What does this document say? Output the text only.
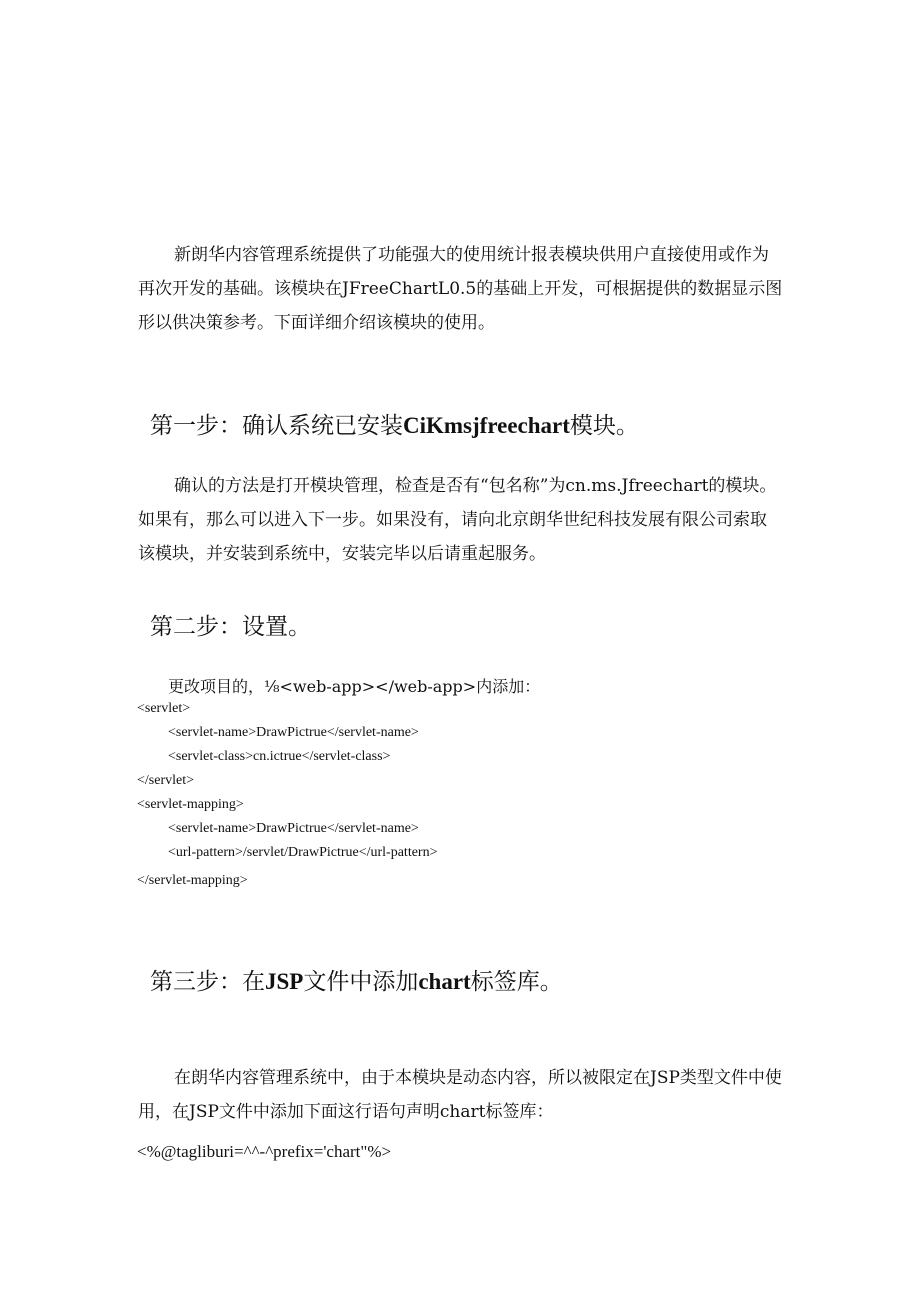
新朗华内容管理系统提供了功能强大的使用统计报表模块供用户直接使用或作为
再次开发的基础。该模块在JFreeChartL0.5的基础上开发，可根据提供的数据显示图
形以供决策参考。下面详细介绍该模块的使用。

第一步：确认系统已安装CiKmsjfreechart模块。

确认的方法是打开模块管理，检查是否有“包名称”为cn.ms.Jfreechart的模块。
如果有，那么可以进入下一步。如果没有，请向北京朗华世纪科技发展有限公司索取
该模块，并安装到系统中，安装完毕以后请重起服务。

第二步：设置。
更改项目的，⅛<web-app></web-app>内添加：
<servlet>
<servlet-name>DrawPictrue</servlet-name>
<servlet-class>cn.ictrue</servlet-class>
</servlet>
<servlet-mapping>
<servlet-name>DrawPictrue</servlet-name>
<url-pattern>/servlet/DrawPictrue</url-pattern>
</servlet-mapping>
第三步：在JSP文件中添加chart标签库。

在朗华内容管理系统中，由于本模块是动态内容，所以被限定在JSP类型文件中使
用，在JSP文件中添加下面这行语句声明chart标签库：

<%@tagliburi=^^-^prefix='chart"%>
